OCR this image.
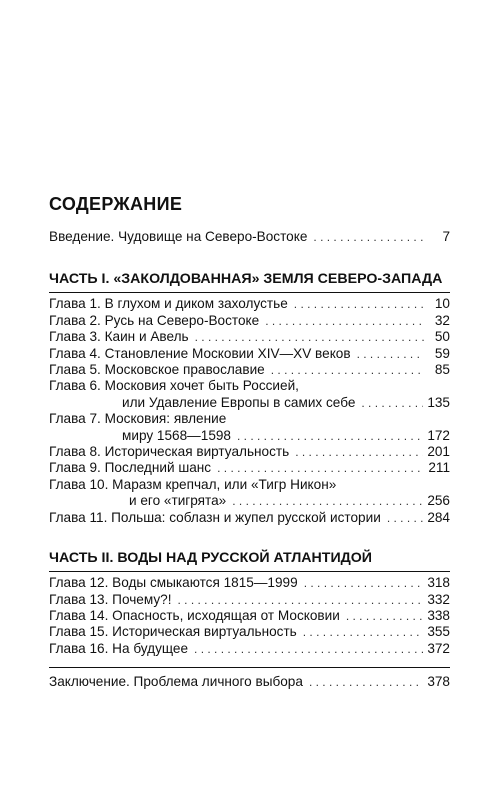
СОДЕРЖАНИЕ
Введение. Чудовище на Северо-Востоке . . .	7
ЧАСТЬ I. «ЗАКОЛДОВАННАЯ» ЗЕМЛЯ СЕВЕРО-ЗАПАДА
Глава 1. В глухом и диком захолустье . . .	10
Глава 2. Русь на Северо-Востоке . . .	32
Глава 3. Каин и Авель . . .	50
Глава 4. Становление Московии XIV—XV веков . . .	59
Глава 5. Московское православие . . .	85
Глава 6. Московия хочет быть Россией,
или Удавление Европы в самих себе . . .	135
Глава 7. Московия: явление
миру 1568—1598 . . .	172
Глава 8. Историческая виртуальность . . .	201
Глава 9. Последний шанс . . .	211
Глава 10. Маразм крепчал, или «Тигр Никон»
и его «тигрята» . . .	256
Глава 11. Польша: соблазн и жупел русской истории . . .	284
ЧАСТЬ II. ВОДЫ НАД РУССКОЙ АТЛАНТИДОЙ
Глава 12. Воды смыкаются 1815—1999 . . .	318
Глава 13. Почему?! . . .	332
Глава 14. Опасность, исходящая от Московии . . .	338
Глава 15. Историческая виртуальность . . .	355
Глава 16. На будущее . . .	372
Заключение. Проблема личного выбора . . .	378
